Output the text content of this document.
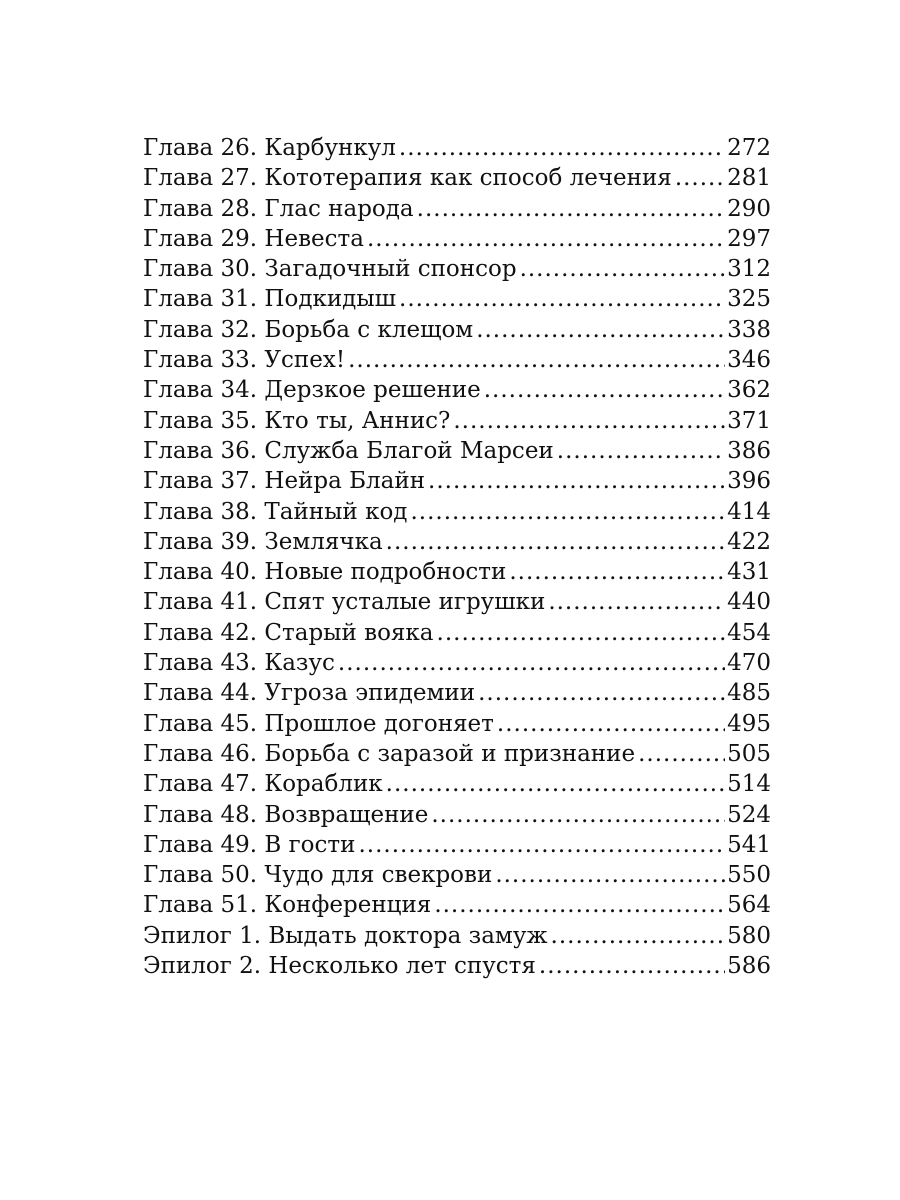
Глава 26. Карбункул .....	272
Глава 27. Кототерапия как способ лечения ..... 281
Глава 28. Глас народа .....	290
Глава 29. Невеста .....	297
Глава 30. Загадочный спонсор .....	312
Глава 31. Подкидыш .....	325
Глава 32. Борьба с клещом .....	338
Глава 33. Успех! .....	346
Глава 34. Дерзкое решение .....	362
Глава 35. Кто ты, Аннис? .....	371
Глава 36. Служба Благой Марсеи .....	386
Глава 37. Нейра Блайн .....	396
Глава 38. Тайный код .....	414
Глава 39. Землячка .....	422
Глава 40. Новые подробности .....	431
Глава 41. Спят усталые игрушки .....	440
Глава 42. Старый вояка .....	454
Глава 43. Казус .....	470
Глава 44. Угроза эпидемии .....	485
Глава 45. Прошлое догоняет .....	495
Глава 46. Борьба с заразой и признание .....	505
Глава 47. Кораблик .....	514
Глава 48. Возвращение .....	524
Глава 49. В гости .....	541
Глава 50. Чудо для свекрови .....	550
Глава 51. Конференция .....	564
Эпилог 1. Выдать доктора замуж .....	580
Эпилог 2. Несколько лет спустя .....	586
